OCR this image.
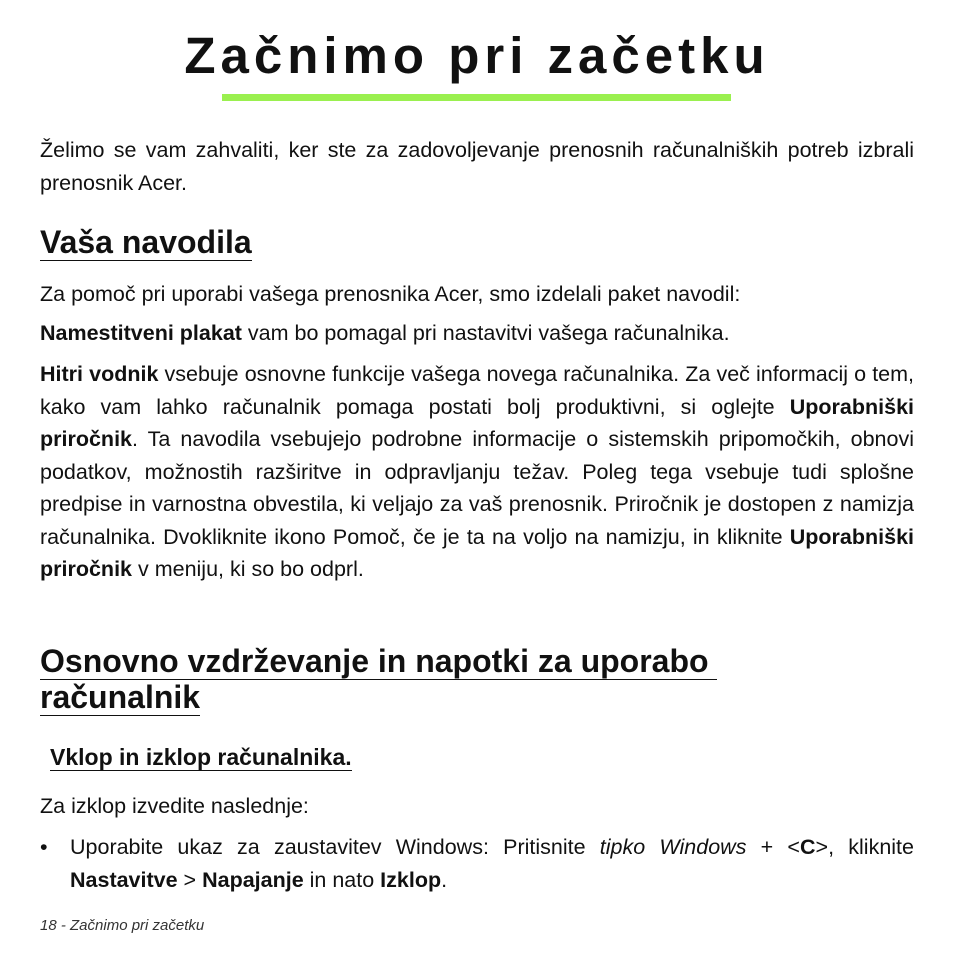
Začnimo pri začetku

Želimo se vam zahvaliti, ker ste za zadovoljevanje prenosnih računalniških potreb izbrali prenosnik Acer.

Vaša navodila

Za pomoč pri uporabi vašega prenosnika Acer, smo izdelali paket navodil:

Namestitveni plakat vam bo pomagal pri nastavitvi vašega računalnika.

Hitri vodnik vsebuje osnovne funkcije vašega novega računalnika. Za več informacij o tem, kako vam lahko računalnik pomaga postati bolj produktivni, si oglejte Uporabniški priročnik. Ta navodila vsebujejo podrobne informacije o sistemskih pripomočkih, obnovi podatkov, možnostih razširitve in odpravljanju težav. Poleg tega vsebuje tudi splošne predpise in varnostna obvestila, ki veljajo za vaš prenosnik. Priročnik je dostopen z namizja računalnika. Dvokliknite ikono Pomoč, če je ta na voljo na namizju, in kliknite Uporabniški priročnik v meniju, ki so bo odprl.

Osnovno vzdrževanje in napotki za uporabo
računalnik
Vklop in izklop računalnika.

Za izklop izvedite naslednje:

•	Uporabite ukaz za zaustavitev Windows: Pritisnite tipko Windows + <C>, kliknite Nastavitve > Napajanje in nato Izklop.
18 - Začnimo pri začetku
